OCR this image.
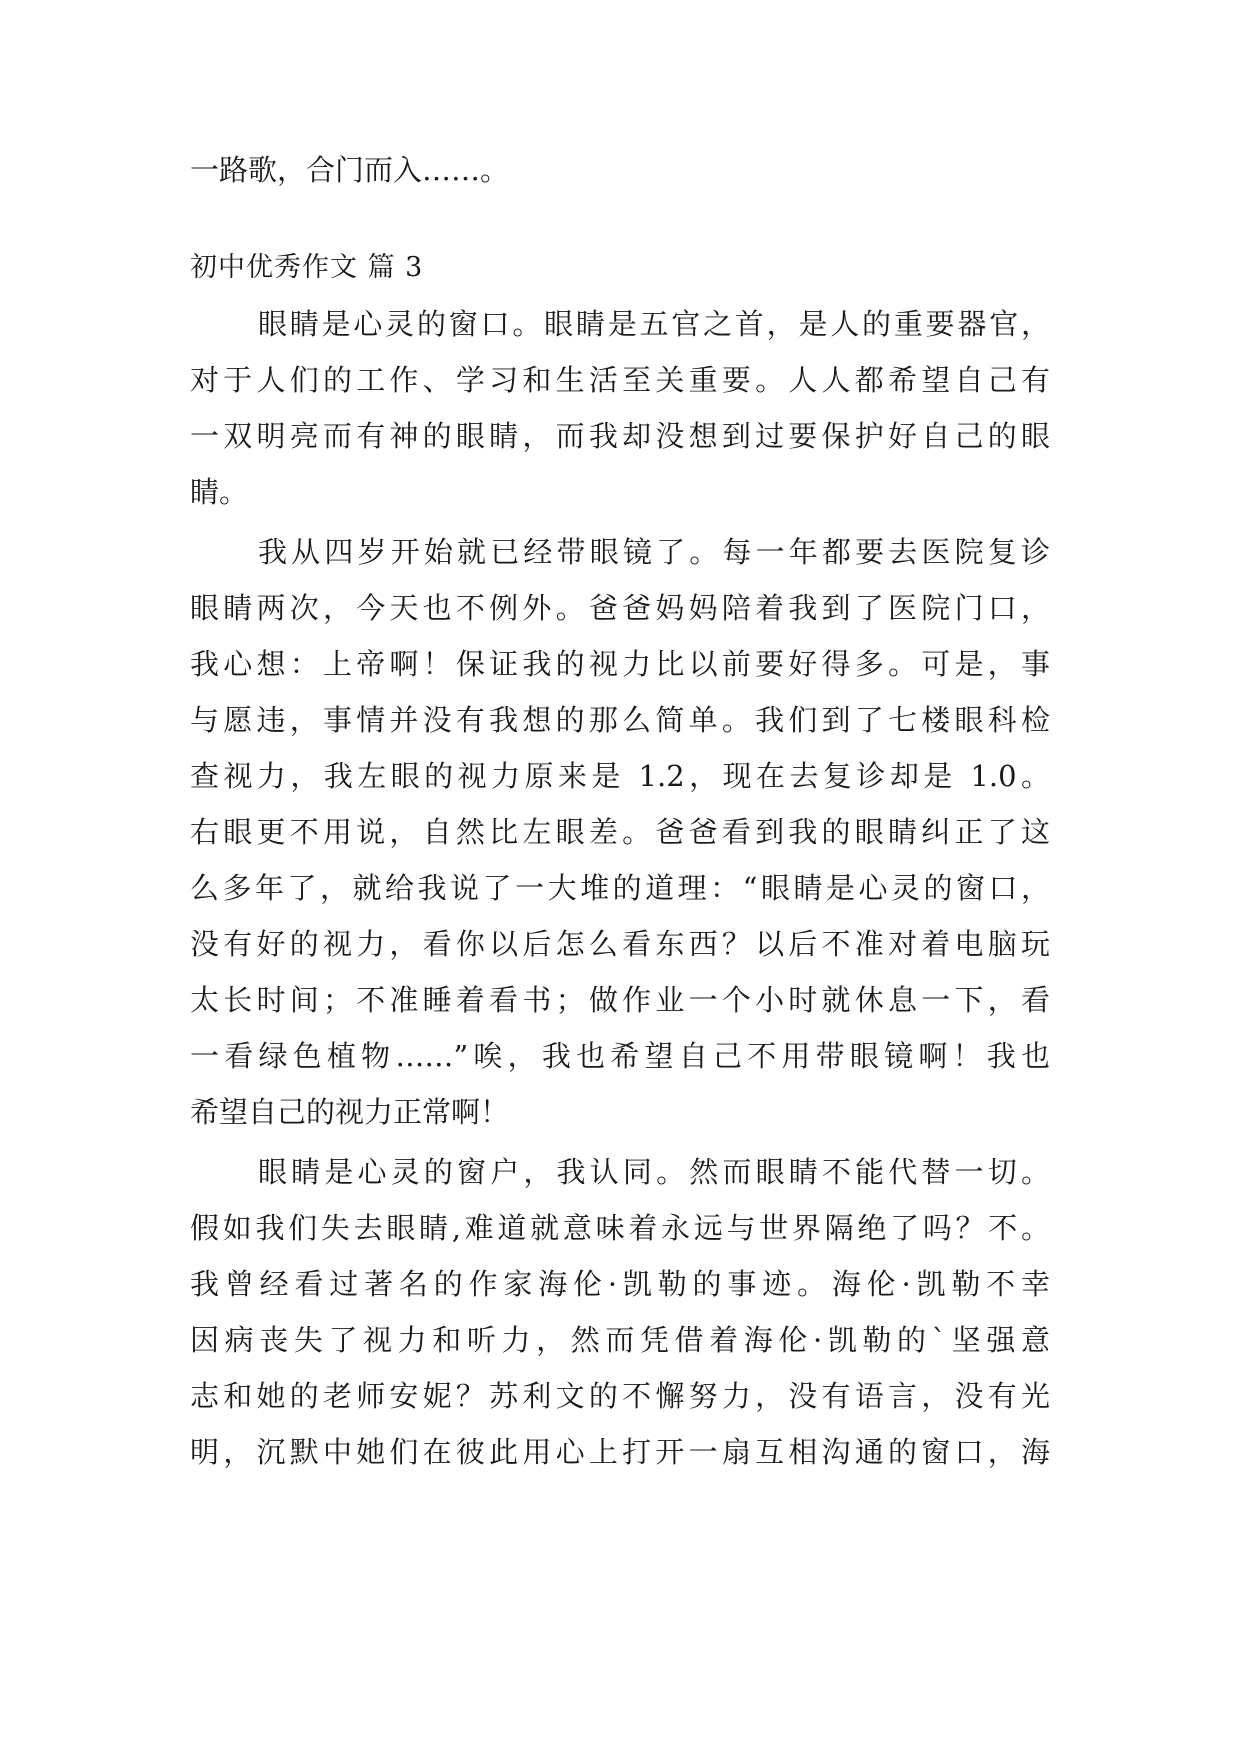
一路歌，合门而入……。
初中优秀作文 篇 3
眼睛是心灵的窗口。眼睛是五官之首，是人的重要器官，
对于人们的工作、学习和生活至关重要。人人都希望自己有
一双明亮而有神的眼睛，而我却没想到过要保护好自己的眼
睛。
我从四岁开始就已经带眼镜了。每一年都要去医院复诊
眼睛两次，今天也不例外。爸爸妈妈陪着我到了医院门口，
我心想：上帝啊！保证我的视力比以前要好得多。可是，事
与愿违，事情并没有我想的那么简单。我们到了七楼眼科检
查视力，我左眼的视力原来是 1.2，现在去复诊却是 1.0。
右眼更不用说，自然比左眼差。爸爸看到我的眼睛纠正了这
么多年了，就给我说了一大堆的道理：“眼睛是心灵的窗口，
没有好的视力，看你以后怎么看东西？以后不准对着电脑玩
太长时间；不准睡着看书；做作业一个小时就休息一下，看
一看绿色植物……”唉，我也希望自己不用带眼镜啊！我也
希望自己的视力正常啊！
眼睛是心灵的窗户，我认同。然而眼睛不能代替一切。
假如我们失去眼睛,难道就意味着永远与世界隔绝了吗？不。
我曾经看过著名的作家海伦·凯勒的事迹。海伦·凯勒不幸
因病丧失了视力和听力，然而凭借着海伦·凯勒的`坚强意
志和她的老师安妮？苏利文的不懈努力，没有语言，没有光
明，沉默中她们在彼此用心上打开一扇互相沟通的窗口，海
